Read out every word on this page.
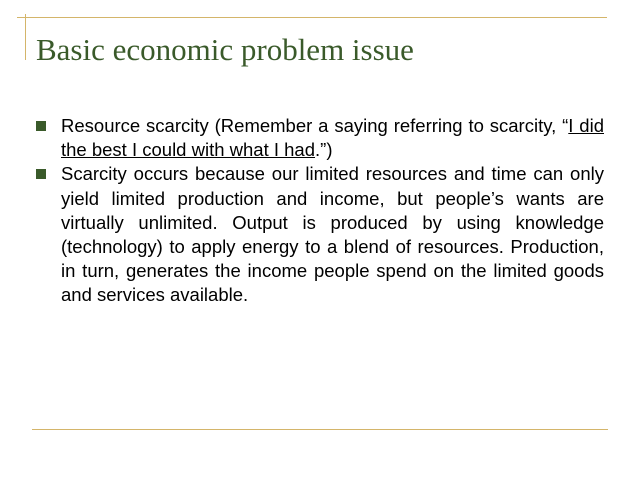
Basic economic problem issue
Resource scarcity (Remember a saying referring to scarcity, “I did the best I could with what I had.”)
Scarcity occurs because our limited resources and time can only yield limited production and income, but people’s wants are virtually unlimited. Output is produced by using knowledge (technology) to apply energy to a blend of resources. Production, in turn, generates the income people spend on the limited goods and services available.
